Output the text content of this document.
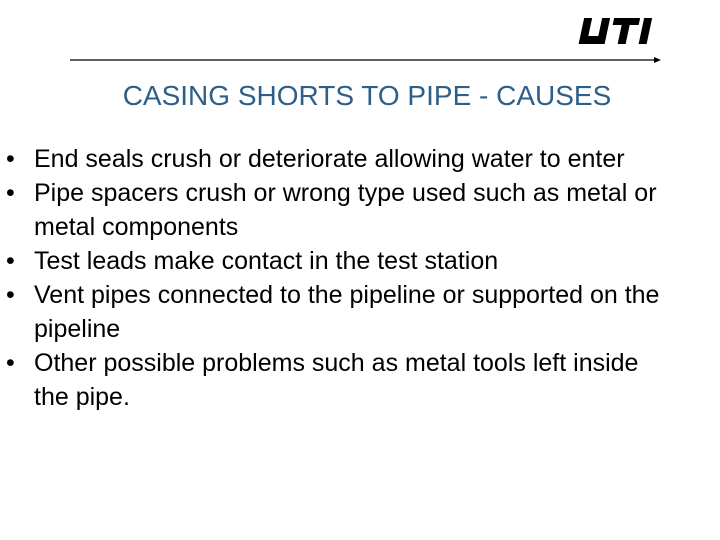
CASING SHORTS TO PIPE - CAUSES
• End seals crush or deteriorate allowing water to enter
• Pipe spacers crush or wrong type used such as metal or metal components
• Test leads make contact in the test station
• Vent pipes connected to the pipeline or supported on the pipeline
• Other possible problems such as metal tools left inside the pipe.
